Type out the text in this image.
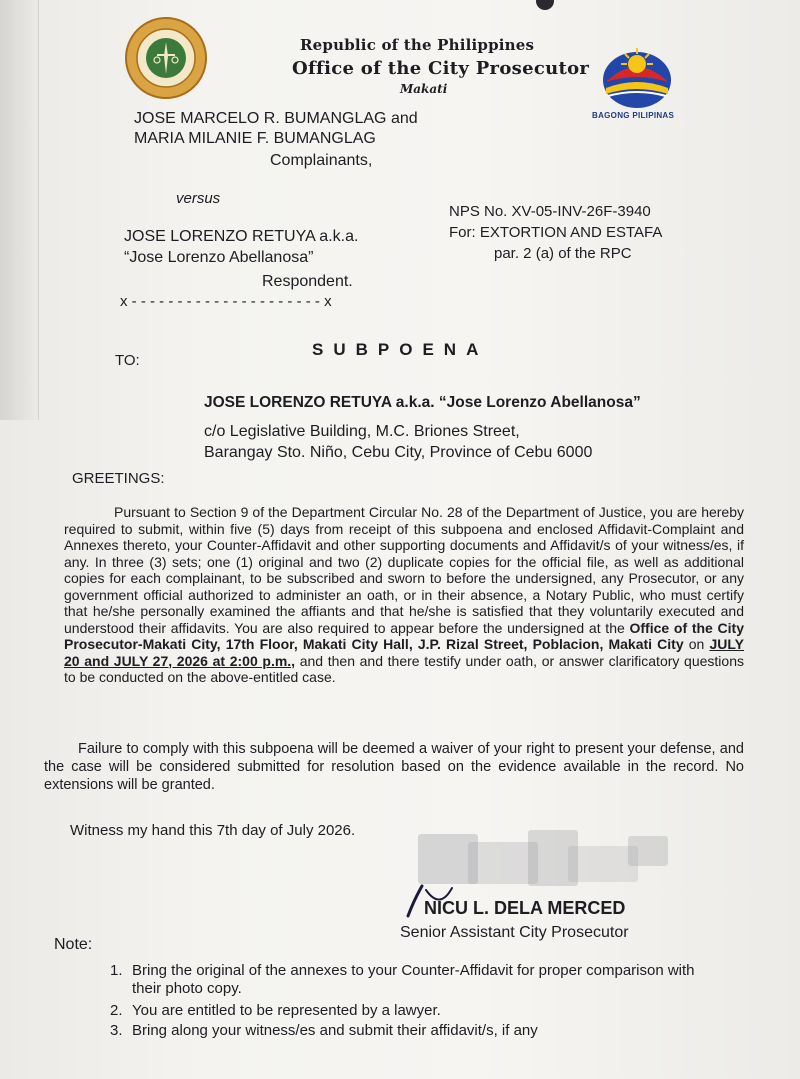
Republic of the Philippines
Office of the City Prosecutor
Makati
BAGONG PILIPINAS
JOSE MARCELO R. BUMANGLAG and
MARIA MILANIE F. BUMANGLAG
Complainants,
versus
JOSE LORENZO RETUYA a.k.a.
“Jose Lorenzo Abellanosa”
Respondent.
x - - - - - - - - - - - - - - - - - - - - - x
NPS No. XV-05-INV-26F-3940
For: EXTORTION AND ESTAFA
par. 2 (a) of the RPC
SUBPOENA
TO:
JOSE LORENZO RETUYA a.k.a. “Jose Lorenzo Abellanosa”
c/o Legislative Building, M.C. Briones Street,
Barangay Sto. Niño, Cebu City, Province of Cebu 6000
GREETINGS:

Pursuant to Section 9 of the Department Circular No. 28 of the Department of Justice, you are hereby required to submit, within five (5) days from receipt of this subpoena and enclosed Affidavit-Complaint and Annexes thereto, your Counter-Affidavit and other supporting documents and Affidavit/s of your witness/es, if any. In three (3) sets; one (1) original and two (2) duplicate copies for the official file, as well as additional copies for each complainant, to be subscribed and sworn to before the undersigned, any Prosecutor, or any government official authorized to administer an oath, or in their absence, a Notary Public, who must certify that he/she personally examined the affiants and that he/she is satisfied that they voluntarily executed and understood their affidavits. You are also required to appear before the undersigned at the Office of the City Prosecutor-Makati City, 17th Floor, Makati City Hall, J.P. Rizal Street, Poblacion, Makati City on JULY 20 and JULY 27, 2026 at 2:00 p.m., and then and there testify under oath, or answer clarificatory questions to be conducted on the above-entitled case.

Failure to comply with this subpoena will be deemed a waiver of your right to present your defense, and the case will be considered submitted for resolution based on the evidence available in the record. No extensions will be granted.

Witness my hand this 7th day of July 2026.
NICU L. DELA MERCED
Senior Assistant City Prosecutor
Note:
1. Bring the original of the annexes to your Counter-Affidavit for proper comparison with
their photo copy.
2. You are entitled to be represented by a lawyer.
3. Bring along your witness/es and submit their affidavit/s, if any
